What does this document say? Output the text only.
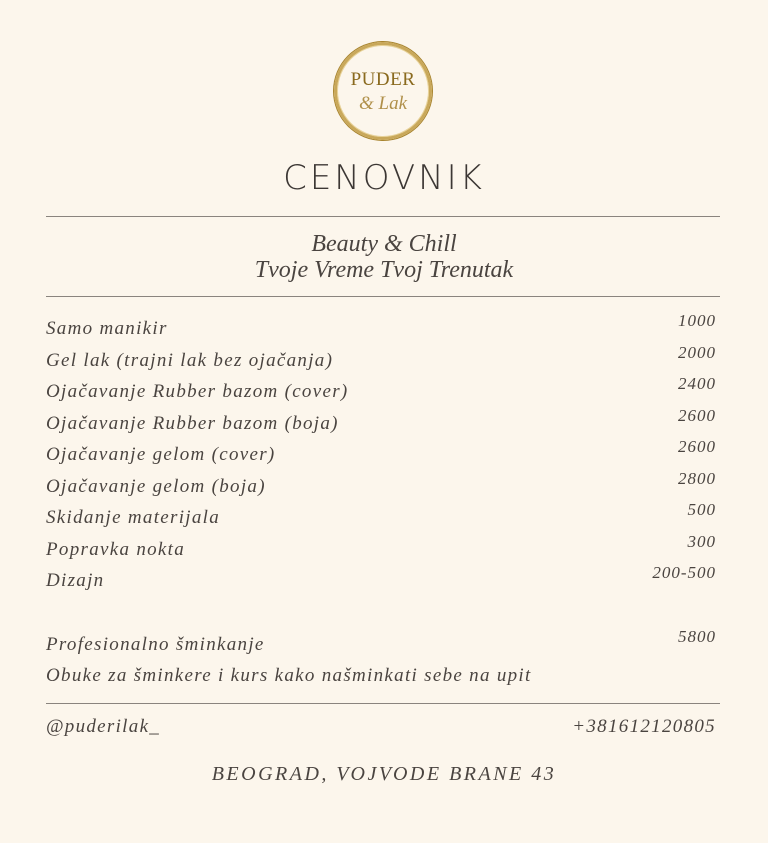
PUDER
& Lak
CENOVNIK
Beauty & Chill
Tvoje Vreme Tvoj Trenutak
Samo manikir	1000
Gel lak (trajni lak bez ojačanja)	2000
Ojačavanje Rubber bazom (cover)	2400
Ojačavanje Rubber bazom (boja)	2600
Ojačavanje gelom (cover)	2600
Ojačavanje gelom (boja)	2800
Skidanje materijala	500
Popravka nokta	300
Dizajn	200-500
Profesionalno šminkanje	5800
Obuke za šminkere i kurs kako našminkati sebe na upit
@puderilak_	+381612120805
BEOGRAD, VOJVODE BRANE 43
